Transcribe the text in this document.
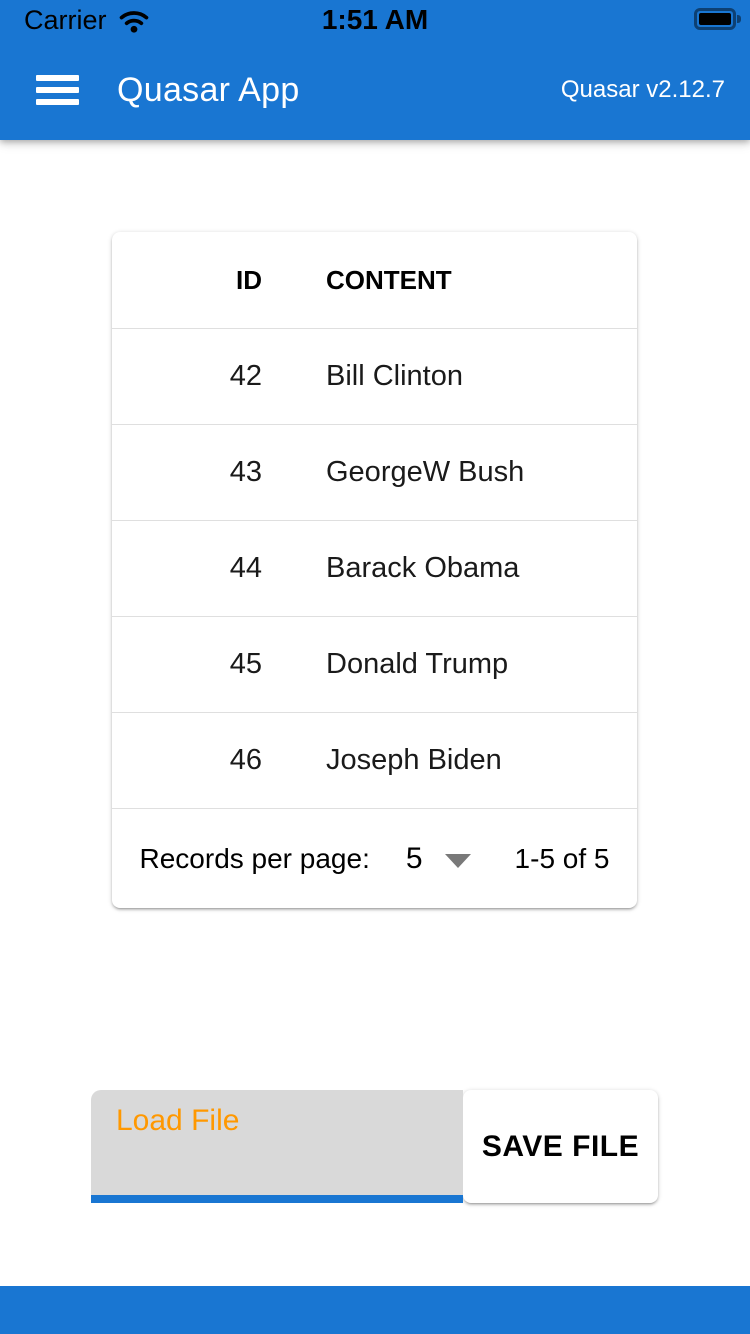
Carrier	1:51 AM
Quasar App	Quasar v2.12.7
ID	CONTENT
42	Bill Clinton
43	GeorgeW Bush
44	Barack Obama
45	Donald Trump
46	Joseph Biden
Records per page: 5	1-5 of 5
Load File
SAVE FILE
